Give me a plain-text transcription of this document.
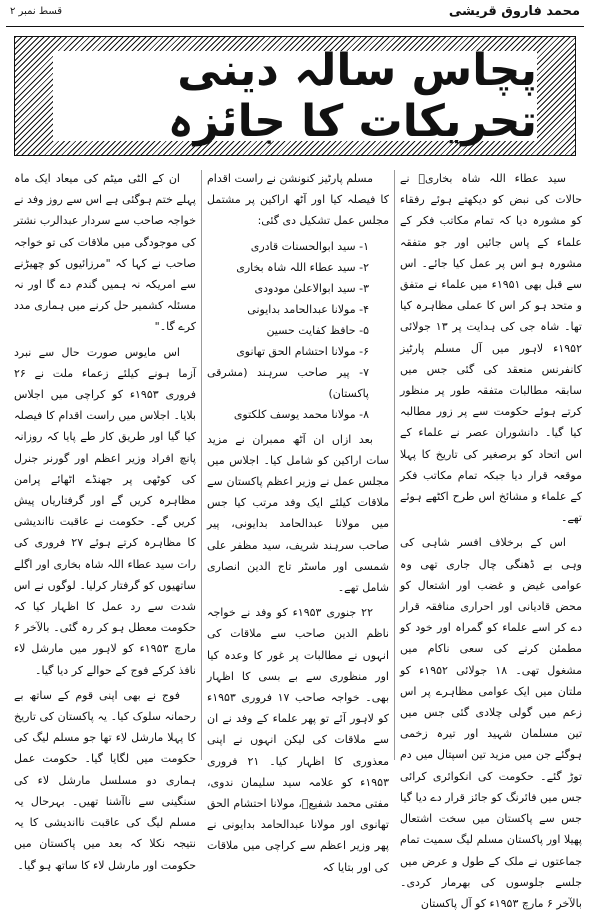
محمد فاروق قریشی
قسط نمبر ۲
پچاس سالہ دینی تحریکات کا جائزہ

سید عطاء اللہ شاہ بخاریؒ نے حالات کی نبض کو دیکھتے ہوئے رفقاء کو مشورہ دیا کہ تمام مکاتب فکر کے علماء کے پاس جائیں اور جو متفقہ مشورہ ہو اس پر عمل کیا جائے۔ اس سے قبل بھی ۱۹۵۱ء میں علماء نے متفق و متحد ہو کر اس کا عملی مظاہرہ کیا تھا۔ شاہ جی کی ہدایت پر ۱۳ جولائی ۱۹۵۲ء لاہور میں آل مسلم پارٹیز کانفرنس منعقد کی گئی جس میں سابقہ مطالبات متفقہ طور پر منظور کرتے ہوئے حکومت سے پر زور مطالبہ کیا گیا۔ دانشوران عصر نے علماء کے اس اتحاد کو برصغیر کی تاریخ کا پہلا موقعہ قرار دیا جبکہ تمام مکاتب فکر کے علماء و مشائخ اس طرح اکٹھے ہوئے تھے۔

اس کے برخلاف افسر شاہی کی وہی بے ڈھنگی چال جاری تھی وہ عوامی غیض و غضب اور اشتعال کو محض قادیانی اور احراری منافقہ قرار دے کر اسے علماء کو گمراہ اور خود کو مطمئن کرنے کی سعی ناکام میں مشغول تھی۔ ۱۸ جولائی ۱۹۵۲ء کو ملتان میں ایک عوامی مظاہرے پر اس زعم میں گولی چلادی گئی جس میں تین مسلمان شہید اور تیرہ زخمی ہوگئے جن میں مزید تین اسپتال میں دم توڑ گئے۔ حکومت کی انکوائری کرائی جس میں فائرنگ کو جائز قرار دے دیا گیا جس سے پاکستان میں سخت اشتعال پھیلا اور پاکستان مسلم لیگ سمیت تمام جماعتوں نے ملک کے طول و عرض میں جلسے جلوسوں کی بھرمار کردی۔ بالآخر ۶ مارچ ۱۹۵۳ء کو آل پاکستان

مسلم پارٹیز کنونشن نے راست اقدام کا فیصلہ کیا اور آٹھ اراکین پر مشتمل مجلس عمل تشکیل دی گئی:

۱- سید ابوالحسنات قادری
۲- سید عطاء اللہ شاہ بخاری
۳- سید ابوالاعلیٰ مودودی
۴- مولانا عبدالحامد بدایونی
۵- حافظ کفایت حسین
۶- مولانا احتشام الحق تھانوی
۷- پیر صاحب سرہند (مشرقی پاکستان)
۸- مولانا محمد یوسف کلکتوی

بعد ازاں ان آٹھ ممبران نے مزید سات اراکین کو شامل کیا۔ اجلاس میں مجلس عمل نے وزیر اعظم پاکستان سے ملاقات کیلئے ایک وفد مرتب کیا جس میں مولانا عبدالحامد بدایونی، پیر صاحب سرہند شریف، سید مظفر علی شمسی اور ماسٹر تاج الدین انصاری شامل تھے۔

۲۲ جنوری ۱۹۵۳ء کو وفد نے خواجہ ناظم الدین صاحب سے ملاقات کی انہوں نے مطالبات پر غور کا وعدہ کیا اور منظوری سے بے بسی کا اظہار بھی۔ خواجہ صاحب ۱۷ فروری ۱۹۵۳ء کو لاہور آئے تو پھر علماء کے وفد نے ان سے ملاقات کی لیکن انہوں نے اپنی معذوری کا اظہار کیا۔ ۲۱ فروری ۱۹۵۳ء کو علامہ سید سلیمان ندوی، مفتی محمد شفیعؒ، مولانا احتشام الحق تھانوی اور مولانا عبدالحامد بدایونی نے پھر وزیر اعظم سے کراچی میں ملاقات کی اور بتایا کہ

ان کے الٹی میٹم کی میعاد ایک ماہ پہلے ختم ہوگئی ہے اس سے روز وفد نے خواجہ صاحب سے سردار عبدالرب نشتر کی موجودگی میں ملاقات کی تو خواجہ صاحب نے کہا کہ "مرزائیوں کو چھیڑنے سے امریکہ نہ ہمیں گندم دے گا اور نہ مسئلہ کشمیر حل کرنے میں ہماری مدد کرے گا۔"

اس مایوس صورت حال سے نبرد آزما ہونے کیلئے زعماء ملت نے ۲۶ فروری ۱۹۵۳ء کو کراچی میں اجلاس بلایا۔ اجلاس میں راست اقدام کا فیصلہ کیا گیا اور طریق کار طے پایا کہ روزانہ پانچ افراد وزیر اعظم اور گورنر جنرل کی کوٹھی پر جھنڈے اٹھائے پرامن مظاہرہ کریں گے اور گرفتاریاں پیش کریں گے۔ حکومت نے عاقبت نااندیشی کا مظاہرہ کرتے ہوئے ۲۷ فروری کی رات سید عطاء اللہ شاہ بخاری اور اگلے ساتھیوں کو گرفتار کرلیا۔ لوگوں نے اس شدت سے رد عمل کا اظہار کیا کہ حکومت معطل ہو کر رہ گئی۔ بالآخر ۶ مارچ ۱۹۵۳ء کو لاہور میں مارشل لاء نافذ کرکے فوج کے حوالے کر دیا گیا۔

فوج نے بھی اپنی قوم کے ساتھ بے رحمانہ سلوک کیا۔ یہ پاکستان کی تاریخ کا پہلا مارشل لاء تھا جو مسلم لیگ کی حکومت میں لگایا گیا۔ حکومت عمل ہماری دو مسلسل مارشل لاء کی سنگینی سے ناآشنا تھیں۔ بہرحال یہ مسلم لیگ کی عاقبت نااندیشی کا یہ نتیجہ نکلا کہ بعد میں پاکستان میں حکومت اور مارشل لاء کا ساتھ ہو گیا۔
